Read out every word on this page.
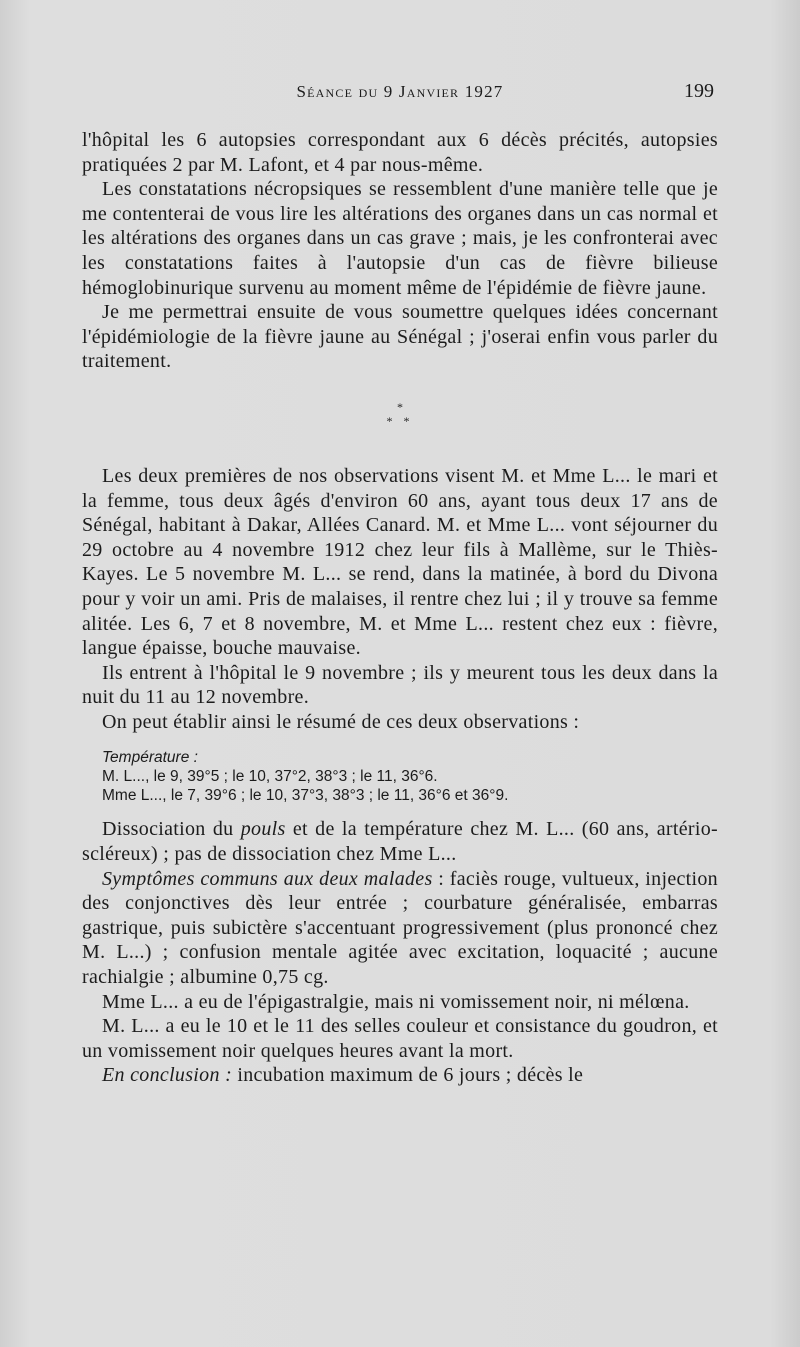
Séance du 9 Janvier 1927	199

l'hôpital les 6 autopsies correspondant aux 6 décès précités, autopsies pratiquées 2 par M. Lafont, et 4 par nous-même.

Les constatations nécropsiques se ressemblent d'une manière telle que je me contenterai de vous lire les altérations des organes dans un cas normal et les altérations des organes dans un cas grave ; mais, je les confronterai avec les constatations faites à l'autopsie d'un cas de fièvre bilieuse hémoglobinurique survenu au moment même de l'épidémie de fièvre jaune.

Je me permettrai ensuite de vous soumettre quelques idées concernant l'épidémiologie de la fièvre jaune au Sénégal ; j'oserai enfin vous parler du traitement.

*
* *

Les deux premières de nos observations visent M. et Mme L... le mari et la femme, tous deux âgés d'environ 60 ans, ayant tous deux 17 ans de Sénégal, habitant à Dakar, Allées Canard. M. et Mme L... vont séjourner du 29 octobre au 4 novembre 1912 chez leur fils à Mallème, sur le Thiès-Kayes. Le 5 novembre M. L... se rend, dans la matinée, à bord du Divona pour y voir un ami. Pris de malaises, il rentre chez lui ; il y trouve sa femme alitée. Les 6, 7 et 8 novembre, M. et Mme L... restent chez eux : fièvre, langue épaisse, bouche mauvaise.

Ils entrent à l'hôpital le 9 novembre ; ils y meurent tous les deux dans la nuit du 11 au 12 novembre.

On peut établir ainsi le résumé de ces deux observations :

Température :
M. L..., le 9, 39°5 ; le 10, 37°2, 38°3 ; le 11, 36°6.
Mme L..., le 7, 39°6 ; le 10, 37°3, 38°3 ; le 11, 36°6 et 36°9.

Dissociation du pouls et de la température chez M. L... (60 ans, artério-scléreux) ; pas de dissociation chez Mme L...

Symptômes communs aux deux malades : faciès rouge, vultueux, injection des conjonctives dès leur entrée ; courbature généralisée, embarras gastrique, puis subictère s'accentuant progressivement (plus prononcé chez M. L...) ; confusion mentale agitée avec excitation, loquacité ; aucune rachialgie ; albumine 0,75 cg.

Mme L... a eu de l'épigastralgie, mais ni vomissement noir, ni mélœna.

M. L... a eu le 10 et le 11 des selles couleur et consistance du goudron, et un vomissement noir quelques heures avant la mort.

En conclusion : incubation maximum de 6 jours ; décès le
